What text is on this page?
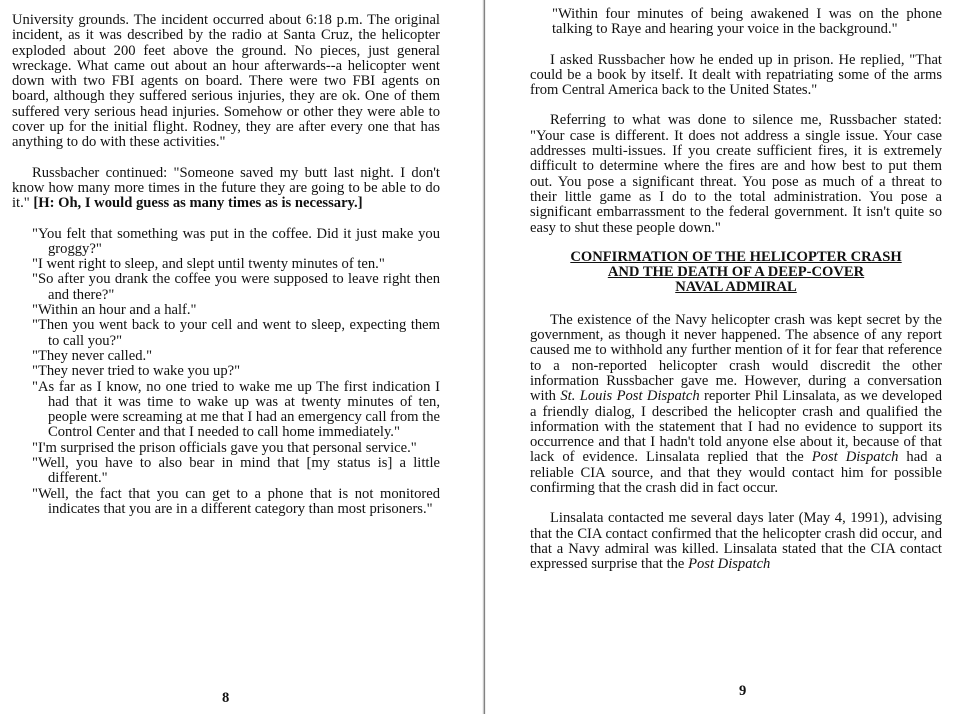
University grounds. The incident occurred about 6:18 p.m. The original incident, as it was described by the radio at Santa Cruz, the helicopter exploded about 200 feet above the ground. No pieces, just general wreckage. What came out about an hour afterwards--a helicopter went down with two FBI agents on board. There were two FBI agents on board, although they suffered serious injuries, they are ok. One of them suffered very serious head injuries. Somehow or other they were able to cover up for the initial flight. Rodney, they are after every one that has anything to do with these activities."

Russbacher continued: "Someone saved my butt last night. I don't know how many more times in the future they are going to be able to do it." [H: Oh, I would guess as many times as is necessary.]

"You felt that something was put in the coffee. Did it just make you groggy?"

"I went right to sleep, and slept until twenty minutes of ten."

"So after you drank the coffee you were supposed to leave right then and there?"

"Within an hour and a half."

"Then you went back to your cell and went to sleep, expecting them to call you?"

"They never called."

"They never tried to wake you up?"

"As far as I know, no one tried to wake me up The first indication I had that it was time to wake up was at twenty minutes of ten, people were screaming at me that I had an emergency call from the Control Center and that I needed to call home immediately."

"I'm surprised the prison officials gave you that personal service."

"Well, you have to also bear in mind that [my status is] a little different."

"Well, the fact that you can get to a phone that is not monitored indicates that you are in a different category than most prisoners."

8

"Within four minutes of being awakened I was on the phone talking to Raye and hearing your voice in the background."

I asked Russbacher how he ended up in prison. He replied, "That could be a book by itself. It dealt with repatriating some of the arms from Central America back to the United States."

Referring to what was done to silence me, Russbacher stated: "Your case is different. It does not address a single issue. Your case addresses multi-issues. If you create sufficient fires, it is extremely difficult to determine where the fires are and how best to put them out. You pose a significant threat. You pose as much of a threat to their little game as I do to the total administration. You pose a significant embarrassment to the federal government. It isn't quite so easy to shut these people down."

CONFIRMATION OF THE HELICOPTER CRASH
AND THE DEATH OF A DEEP-COVER
NAVAL ADMIRAL

The existence of the Navy helicopter crash was kept secret by the government, as though it never happened. The absence of any report caused me to withhold any further mention of it for fear that reference to a non-reported helicopter crash would discredit the other information Russbacher gave me. However, during a conversation with St. Louis Post Dispatch reporter Phil Linsalata, as we developed a friendly dialog, I described the helicopter crash and qualified the information with the statement that I had no evidence to support its occurrence and that I hadn't told anyone else about it, because of that lack of evidence. Linsalata replied that the Post Dispatch had a reliable CIA source, and that they would contact him for possible confirming that the crash did in fact occur.

Linsalata contacted me several days later (May 4, 1991), advising that the CIA contact confirmed that the helicopter crash did occur, and that a Navy admiral was killed. Linsalata stated that the CIA contact expressed surprise that the Post Dispatch

9
